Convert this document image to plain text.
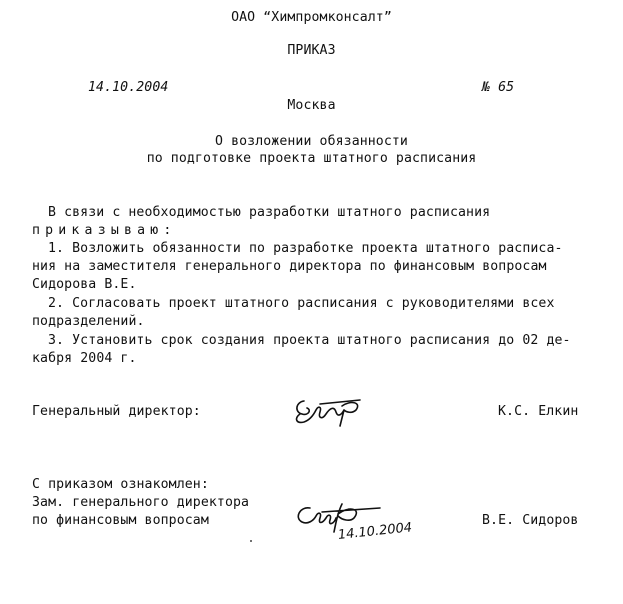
ОАО “Химпромконсалт”
ПРИКАЗ
14.10.2004	№ 65
Москва
О возложении обязанности
по подготовке проекта штатного расписания
В связи с необходимостью разработки штатного расписания
приказываю:
1. Возложить обязанности по разработке проекта штатного расписа-
ния на заместителя генерального директора по финансовым вопросам
Сидорова В.Е.
2. Согласовать проект штатного расписания с руководителями всех
подразделений.
3. Установить срок создания проекта штатного расписания до 02 де-
кабря 2004 г.
Генеральный директор:	К.С. Елкин
С приказом ознакомлен:
Зам. генерального директора
по финансовым вопросам	14.10.2004	В.Е. Сидоров
